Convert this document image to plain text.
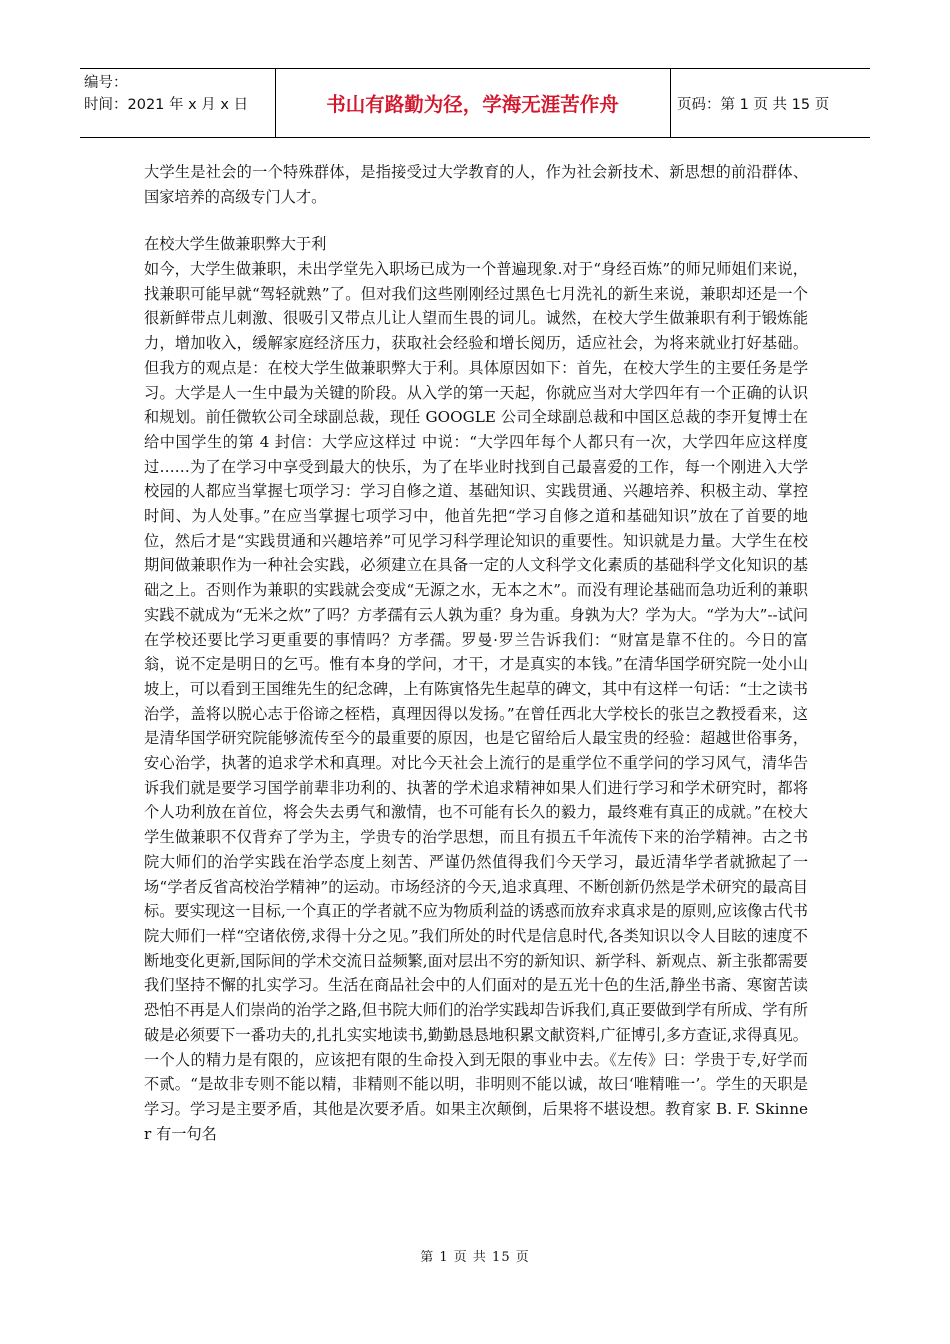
编号：
时间：2021 年 x 月 x 日	书山有路勤为径，学海无涯苦作舟	页码：第 1 页 共 15 页
大学生是社会的一个特殊群体，是指接受过大学教育的人，作为社会新技术、新思想的前沿群体、国家培养的高级专门人才。
在校大学生做兼职弊大于利
如今，大学生做兼职，未出学堂先入职场已成为一个普遍现象.对于“身经百炼”的师兄师姐们来说，找兼职可能早就“驾轻就熟”了。但对我们这些刚刚经过黑色七月洗礼的新生来说，兼职却还是一个很新鲜带点儿刺激、很吸引又带点儿让人望而生畏的词儿。诚然，在校大学生做兼职有利于锻炼能力，增加收入，缓解家庭经济压力，获取社会经验和增长阅历，适应社会，为将来就业打好基础。但我方的观点是：在校大学生做兼职弊大于利。具体原因如下：首先，在校大学生的主要任务是学习。大学是人一生中最为关键的阶段。从入学的第一天起，你就应当对大学四年有一个正确的认识和规划。前任微软公司全球副总裁，现任 GOOGLE 公司全球副总裁和中国区总裁的李开复博士在给中国学生的第 4 封信：大学应这样过 中说：“大学四年每个人都只有一次，大学四年应这样度过……为了在学习中享受到最大的快乐，为了在毕业时找到自己最喜爱的工作，每一个刚进入大学校园的人都应当掌握七项学习：学习自修之道、基础知识、实践贯通、兴趣培养、积极主动、掌控时间、为人处事。”在应当掌握七项学习中，他首先把“学习自修之道和基础知识”放在了首要的地位，然后才是“实践贯通和兴趣培养”可见学习科学理论知识的重要性。知识就是力量。大学生在校期间做兼职作为一种社会实践，必须建立在具备一定的人文科学文化素质的基础科学文化知识的基础之上。否则作为兼职的实践就会变成“无源之水，无本之木”。而没有理论基础而急功近利的兼职实践不就成为“无米之炊”了吗？方孝孺有云人孰为重？身为重。身孰为大？学为大。“学为大”--试问在学校还要比学习更重要的事情吗？方孝孺。罗曼·罗兰告诉我们：“财富是靠不住的。今日的富翁，说不定是明日的乞丐。惟有本身的学问，才干，才是真实的本钱。”在清华国学研究院一处小山坡上，可以看到王国维先生的纪念碑，上有陈寅恪先生起草的碑文，其中有这样一句话：“士之读书治学，盖将以脱心志于俗谛之桎梏，真理因得以发扬。”在曾任西北大学校长的张岂之教授看来，这是清华国学研究院能够流传至今的最重要的原因，也是它留给后人最宝贵的经验：超越世俗事务，安心治学，执著的追求学术和真理。对比今天社会上流行的是重学位不重学问的学习风气，清华告诉我们就是要学习国学前辈非功利的、执著的学术追求精神如果人们进行学习和学术研究时，都将个人功利放在首位，将会失去勇气和激情，也不可能有长久的毅力，最终难有真正的成就。”在校大学生做兼职不仅背弃了学为主，学贵专的治学思想，而且有损五千年流传下来的治学精神。古之书院大师们的治学实践在治学态度上刻苦、严谨仍然值得我们今天学习，最近清华学者就掀起了一场“学者反省高校治学精神”的运动。市场经济的今天,追求真理、不断创新仍然是学术研究的最高目标。要实现这一目标,一个真正的学者就不应为物质利益的诱惑而放弃求真求是的原则,应该像古代书院大师们一样“空诸依傍,求得十分之见。”我们所处的时代是信息时代,各类知识以令人目眩的速度不断地变化更新,国际间的学术交流日益频繁,面对层出不穷的新知识、新学科、新观点、新主张都需要我们坚持不懈的扎实学习。生活在商品社会中的人们面对的是五光十色的生活,静坐书斋、寒窗苦读恐怕不再是人们崇尚的治学之路,但书院大师们的治学实践却告诉我们,真正要做到学有所成、学有所破是必须要下一番功夫的,扎扎实实地读书,勤勤恳恳地积累文献资料,广征博引,多方查证,求得真见。一个人的精力是有限的，应该把有限的生命投入到无限的事业中去。《左传》曰：学贵于专,好学而不贰。“是故非专则不能以精，非精则不能以明，非明则不能以诚，故曰‘唯精唯一’。学生的天职是学习。学习是主要矛盾，其他是次要矛盾。如果主次颠倒，后果将不堪设想。教育家 B. F. Skinner 有一句名
第 1 页 共 15 页
